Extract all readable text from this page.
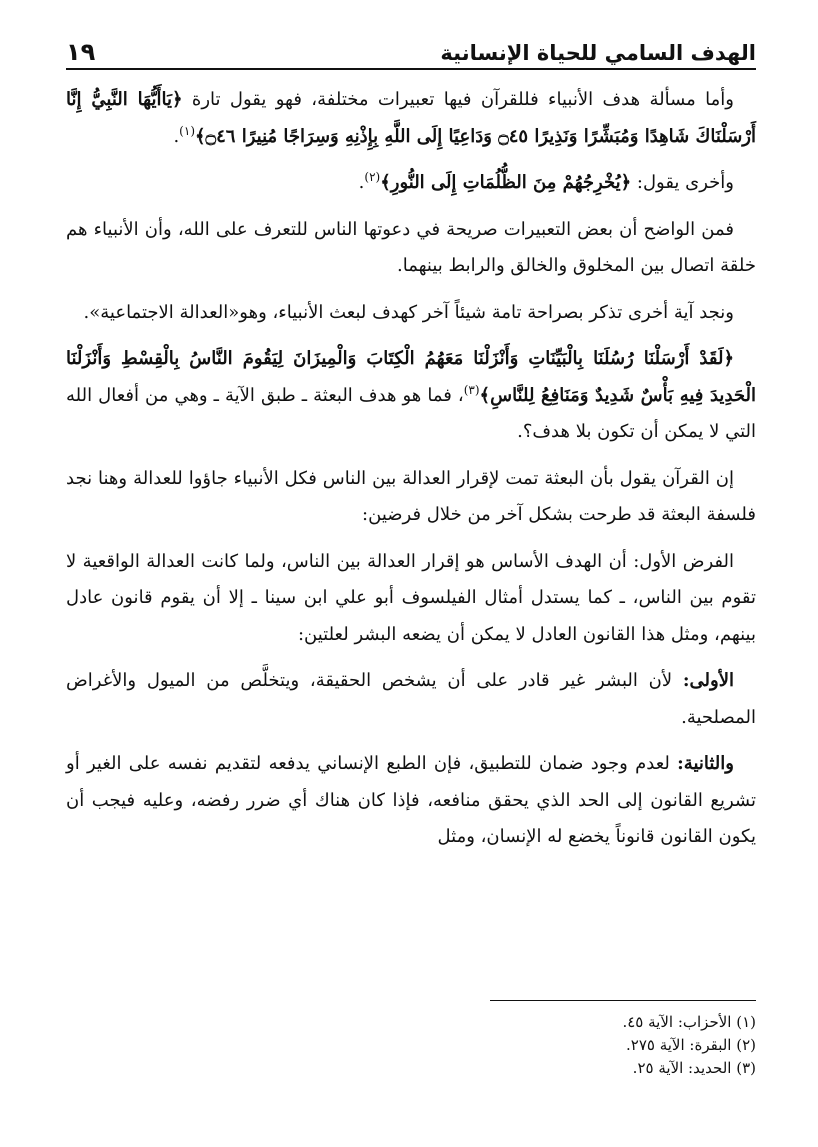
الهدف السامي للحياة الإنسانية
١٩

وأما مسألة هدف الأنبياء فللقرآن فيها تعبيرات مختلفة، فهو يقول تارة ﴿يَاأَيُّهَا النَّبِيُّ إِنَّا أَرْسَلْنَاكَ شَاهِدًا وَمُبَشِّرًا وَنَذِيرًا ۝٤٥ وَدَاعِيًا إِلَى اللَّهِ بِإِذْنِهِ وَسِرَاجًا مُنِيرًا ۝٤٦﴾$^{(١)}$.

وأخرى يقول: ﴿يُخْرِجُهُمْ مِنَ الظُّلُمَاتِ إِلَى النُّورِ﴾$^{(٢)}$.

فمن الواضح أن بعض التعبيرات صريحة في دعوتها الناس للتعرف على الله، وأن الأنبياء هم خلقة اتصال بين المخلوق والخالق والرابط بينهما.

ونجد آية أخرى تذكر بصراحة تامة شيئاً آخر كهدف لبعث الأنبياء، وهو«العدالة الاجتماعية».

﴿لَقَدْ أَرْسَلْنَا رُسُلَنَا بِالْبَيِّنَاتِ وَأَنْزَلْنَا مَعَهُمُ الْكِتَابَ وَالْمِيزَانَ لِيَقُومَ النَّاسُ بِالْقِسْطِ وَأَنْزَلْنَا الْحَدِيدَ فِيهِ بَأْسٌ شَدِيدٌ وَمَنَافِعُ لِلنَّاسِ﴾$^{(٣)}$، فما هو هدف البعثة ـ طبق الآية ـ وهي من أفعال الله التي لا يمكن أن تكون بلا هدف؟.

إن القرآن يقول بأن البعثة تمت لإقرار العدالة بين الناس فكل الأنبياء جاؤوا للعدالة وهنا نجد فلسفة البعثة قد طرحت بشكل آخر من خلال فرضين:

الفرض الأول: أن الهدف الأساس هو إقرار العدالة بين الناس، ولما كانت العدالة الواقعية لا تقوم بين الناس، ـ كما يستدل أمثال الفيلسوف أبو علي ابن سينا ـ إلا أن يقوم قانون عادل بينهم، ومثل هذا القانون العادل لا يمكن أن يضعه البشر لعلتين:

الأولى: لأن البشر غير قادر على أن يشخص الحقيقة، ويتخلَّص من الميول والأغراض المصلحية.

والثانية: لعدم وجود ضمان للتطبيق، فإن الطبع الإنساني يدفعه لتقديم نفسه على الغير أو تشريع القانون إلى الحد الذي يحقق منافعه، فإذا كان هناك أي ضرر رفضه، وعليه فيجب أن يكون القانون قانوناً يخضع له الإنسان، ومثل

(١) الأحزاب: الآية ٤٥.

(٢) البقرة: الآية ٢٧٥.

(٣) الحديد: الآية ٢٥.
